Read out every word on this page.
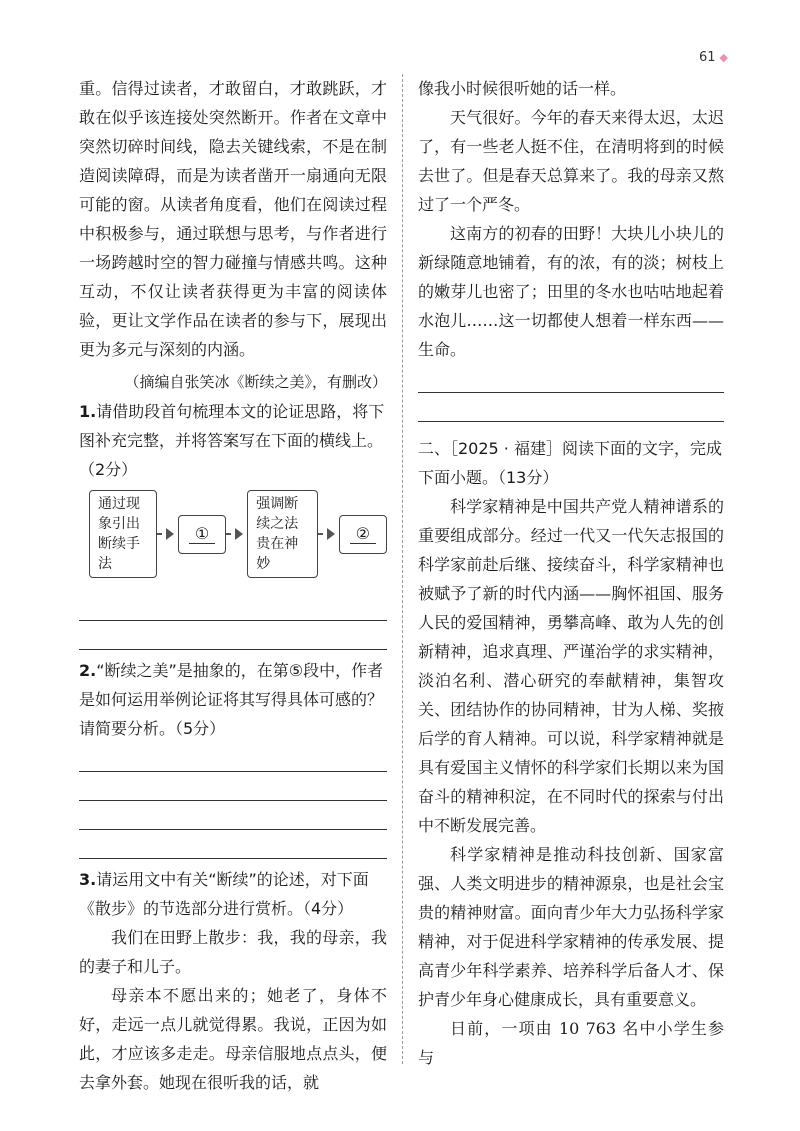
61 ◆

重。信得过读者，才敢留白，才敢跳跃，才敢在似乎该连接处突然断开。作者在文章中突然切碎时间线，隐去关键线索，不是在制造阅读障碍，而是为读者凿开一扇通向无限可能的窗。从读者角度看，他们在阅读过程中积极参与，通过联想与思考，与作者进行一场跨越时空的智力碰撞与情感共鸣。这种互动，不仅让读者获得更为丰富的阅读体验，更让文学作品在读者的参与下，展现出更为多元与深刻的内涵。

（摘编自张笑冰《断续之美》，有删改）

1.请借助段首句梳理本文的论证思路，将下图补充完整，并将答案写在下面的横线上。（2分）

通过现象引出断续手法
①
强调断续之法贵在神妙
②

2.“断续之美”是抽象的，在第⑤段中，作者是如何运用举例论证将其写得具体可感的？请简要分析。（5分）

3.请运用文中有关“断续”的论述，对下面《散步》的节选部分进行赏析。（4分）

我们在田野上散步：我，我的母亲，我的妻子和儿子。

母亲本不愿出来的；她老了，身体不好，走远一点儿就觉得累。我说，正因为如此，才应该多走走。母亲信服地点点头，便去拿外套。她现在很听我的话，就

像我小时候很听她的话一样。

天气很好。今年的春天来得太迟，太迟了，有一些老人挺不住，在清明将到的时候去世了。但是春天总算来了。我的母亲又熬过了一个严冬。

这南方的初春的田野！大块儿小块儿的新绿随意地铺着，有的浓，有的淡；树枝上的嫩芽儿也密了；田里的冬水也咕咕地起着水泡儿……这一切都使人想着一样东西——生命。

二、［2025 · 福建］阅读下面的文字，完成下面小题。（13分）

科学家精神是中国共产党人精神谱系的重要组成部分。经过一代又一代矢志报国的科学家前赴后继、接续奋斗，科学家精神也被赋予了新的时代内涵——胸怀祖国、服务人民的爱国精神，勇攀高峰、敢为人先的创新精神，追求真理、严谨治学的求实精神，淡泊名利、潜心研究的奉献精神，集智攻关、团结协作的协同精神，甘为人梯、奖掖后学的育人精神。可以说，科学家精神就是具有爱国主义情怀的科学家们长期以来为国奋斗的精神积淀，在不同时代的探索与付出中不断发展完善。

科学家精神是推动科技创新、国家富强、人类文明进步的精神源泉，也是社会宝贵的精神财富。面向青少年大力弘扬科学家精神，对于促进科学家精神的传承发展、提高青少年科学素养、培养科学后备人才、保护青少年身心健康成长，具有重要意义。

日前，一项由 10 763 名中小学生参与
